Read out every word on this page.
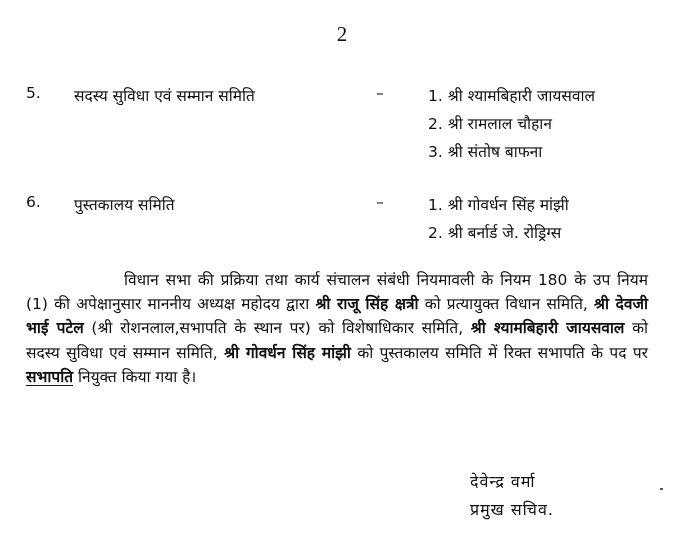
2
5. सदस्य सुविधा एवं सम्मान समिति	–	1. श्री श्यामबिहारी जायसवाल
2. श्री रामलाल चौहान
3. श्री संतोष बाफना
6. पुस्तकालय समिति	–	1. श्री गोवर्धन सिंह मांझी
2. श्री बर्नार्ड जे. रोड्रिग्स
विधान सभा की प्रक्रिया तथा कार्य संचालन संबंधी नियमावली के नियम 180 के उप नियम (1) की अपेक्षानुसार माननीय अध्यक्ष महोदय द्वारा श्री राजू सिंह क्षत्री को प्रत्यायुक्त विधान समिति, श्री देवजी भाई पटेल (श्री रोशनलाल,सभापति के स्थान पर) को विशेषाधिकार समिति, श्री श्यामबिहारी जायसवाल को सदस्य सुविधा एवं सम्मान समिति, श्री गोवर्धन सिंह मांझी को पुस्तकालय समिति में रिक्त सभापति के पद पर सभापति नियुक्त किया गया है।
देवेन्द्र वर्मा
प्रमुख सचिव.
